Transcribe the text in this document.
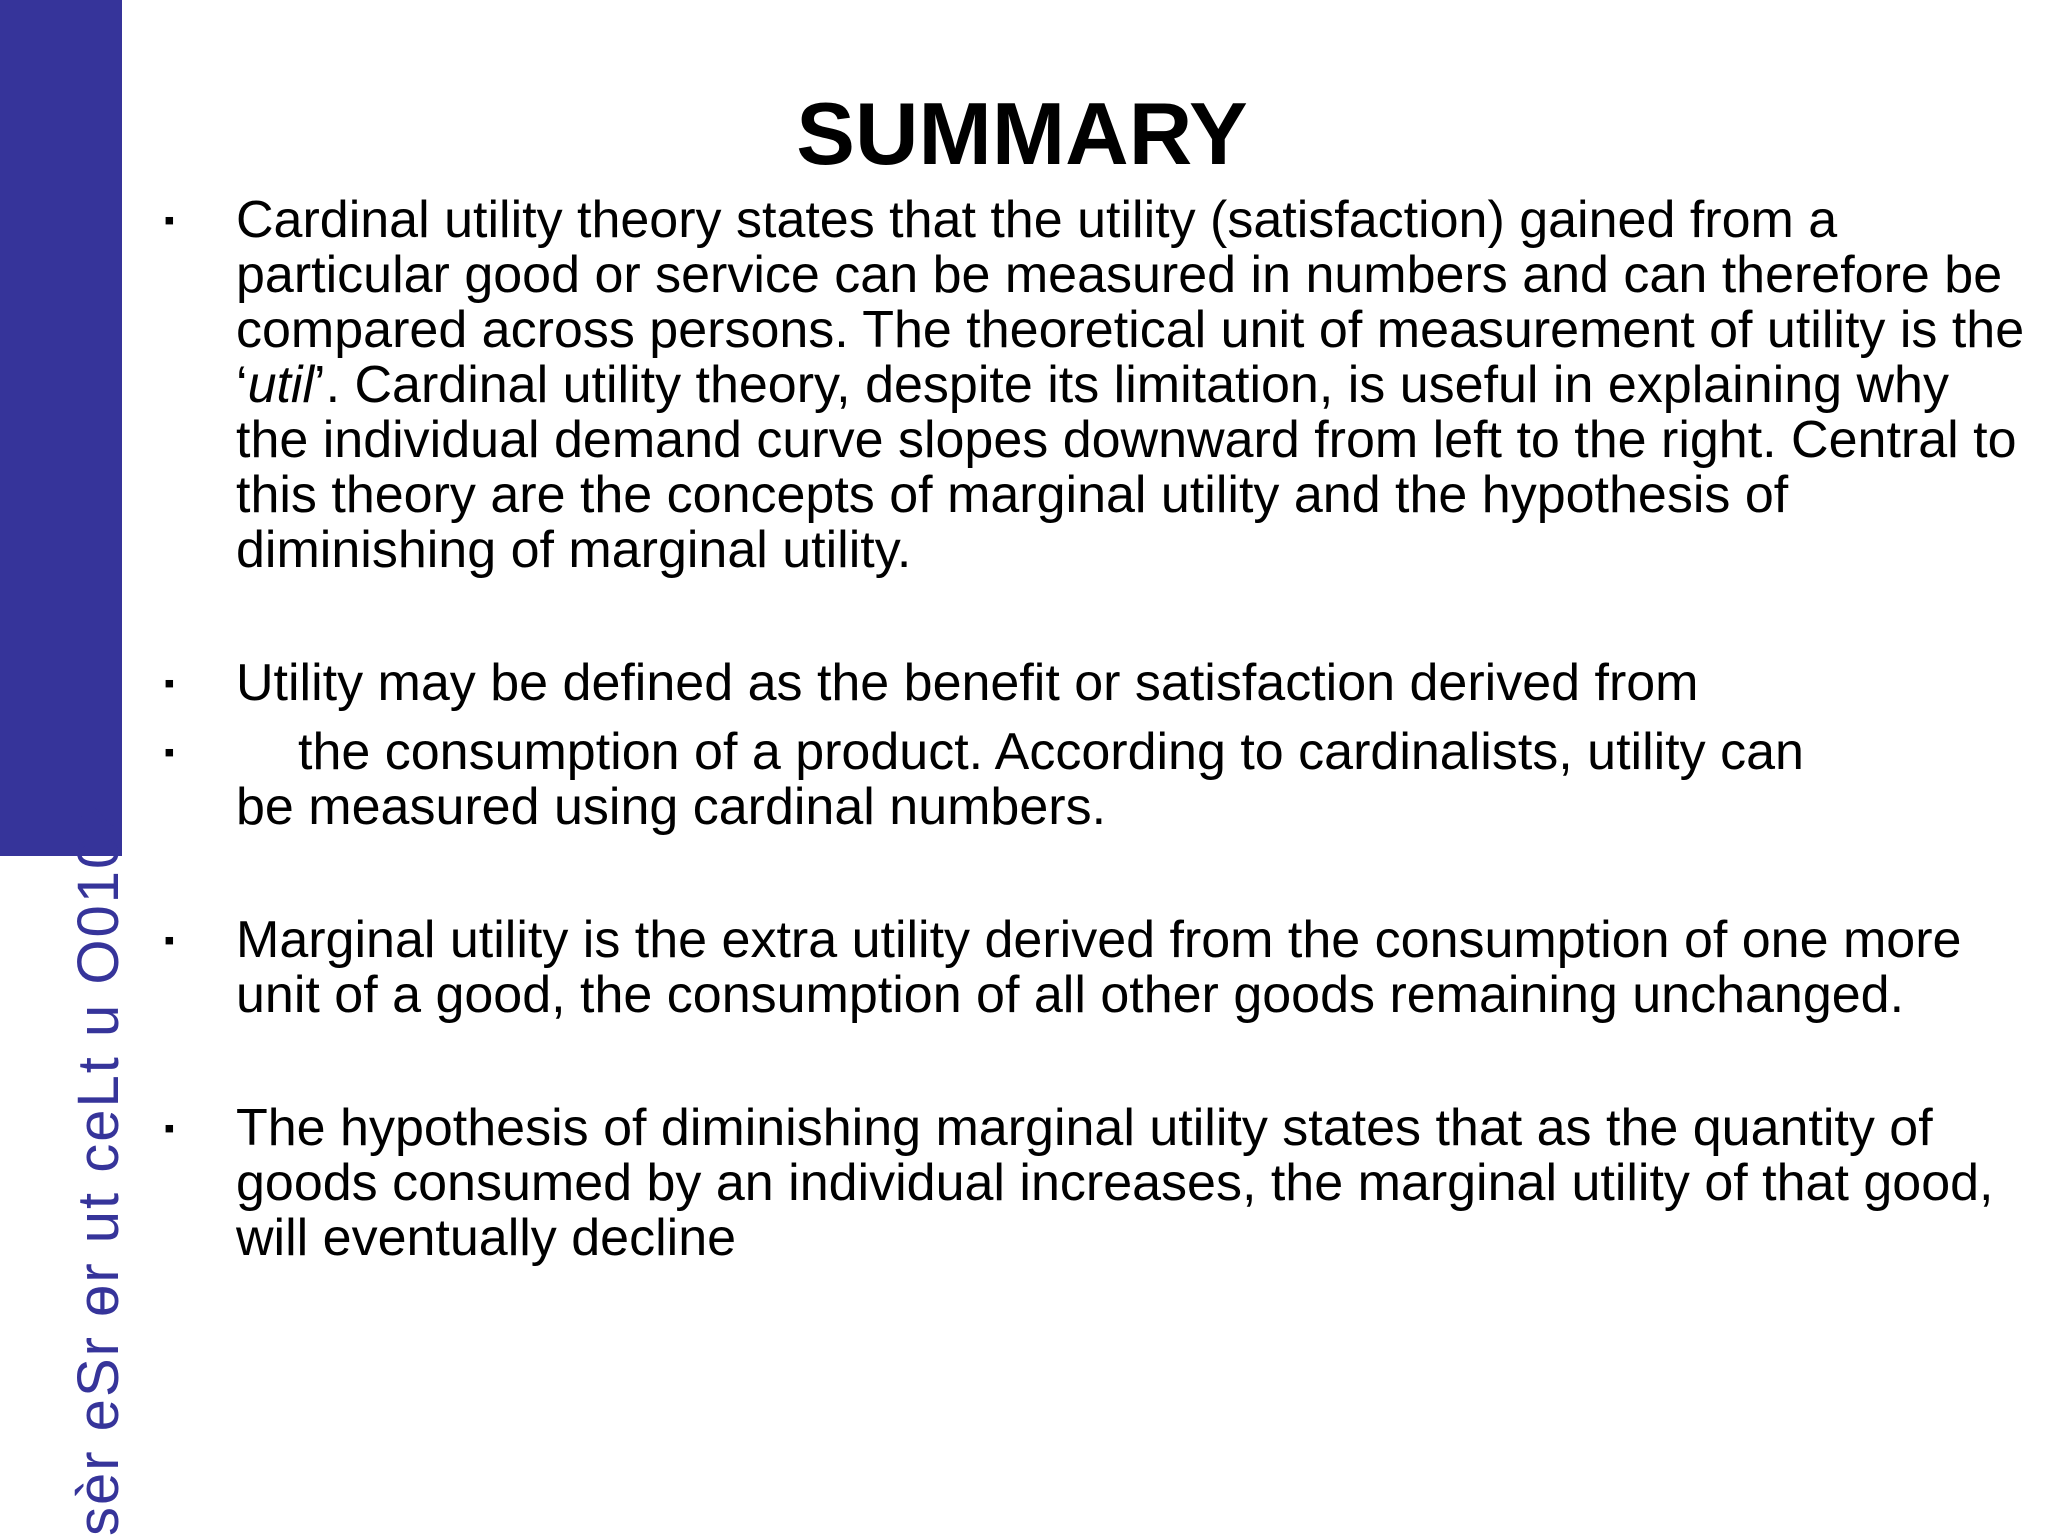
sèr eSr ɵr ut ceLt u O0102
SUMMARY
▪ Cardinal utility theory states that the utility (satisfaction) gained from a particular good or service can be measured in numbers and can therefore be compared across persons. The theoretical unit of measurement of utility is the ‘util’. Cardinal utility theory, despite its limitation, is useful in explaining why the individual demand curve slopes downward from left to the right. Central to this theory are the concepts of marginal utility and the hypothesis of diminishing of marginal utility.
▪ Utility may be defined as the benefit or satisfaction derived from
▪ the consumption of a product. According to cardinalists, utility can
be measured using cardinal numbers.
▪ Marginal utility is the extra utility derived from the consumption of one more unit of a good, the consumption of all other goods remaining unchanged.
▪ The hypothesis of diminishing marginal utility states that as the quantity of goods consumed by an individual increases, the marginal utility of that good, will eventually decline
